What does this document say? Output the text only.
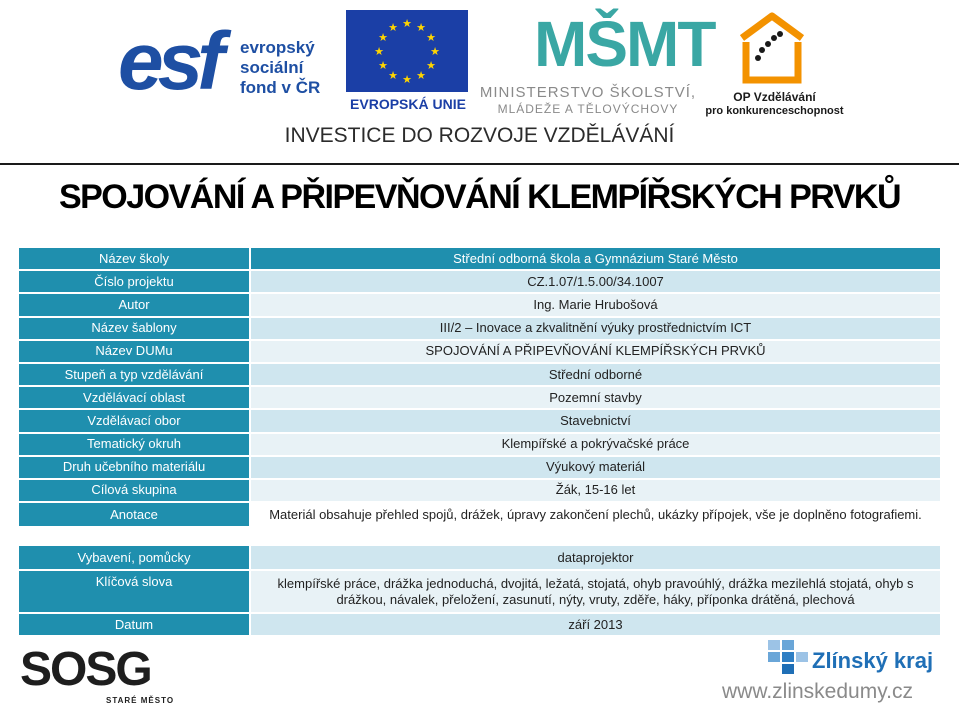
esf evropský
sociální
fond v ČR
★ ★
★
★
★
★
★
★
★
★
★
★
EVROPSKÁ UNIE
MŠMT
MINISTERSTVO ŠKOLSTVÍ,
MLÁDEŽE A TĚLOVÝCHOVY
OP Vzdělávání
pro konkurenceschopnost
INVESTICE DO ROZVOJE VZDĚLÁVÁNÍ
SPOJOVÁNÍ A PŘIPEVŇOVÁNÍ KLEMPÍŘSKÝCH PRVKŮ
Název školy	Střední odborná škola a Gymnázium Staré Město
Číslo projektu	CZ.1.07/1.5.00/34.1007
Autor	Ing. Marie Hrubošová
Název šablony	III/2 – Inovace a zkvalitnění výuky prostřednictvím ICT
Název DUMu	SPOJOVÁNÍ A PŘIPEVŇOVÁNÍ KLEMPÍŘSKÝCH PRVKŮ
Stupeň a typ vzdělávání	Střední odborné
Vzdělávací oblast	Pozemní stavby
Vzdělávací obor	Stavebnictví
Tematický okruh	Klempířské a pokrývačské práce
Druh učebního materiálu	Výukový materiál
Cílová skupina	Žák, 15-16 let
Anotace	Materiál obsahuje přehled spojů, drážek, úpravy zakončení plechů, ukázky přípojek, vše je doplněno fotografiemi.

Vybavení, pomůcky	dataprojektor
Klíčová slova	klempířské práce, drážka jednoduchá, dvojitá, ležatá, stojatá, ohyb pravoúhlý, drážka mezilehlá stojatá, ohyb s drážkou, návalek, přeložení, zasunutí, nýty, vruty, zděře, háky, příponka drátěná, plechová
Datum	září 2013
SOSG
STARÉ MĚSTO
Zlínský kraj
www.zlinskedumy.cz
